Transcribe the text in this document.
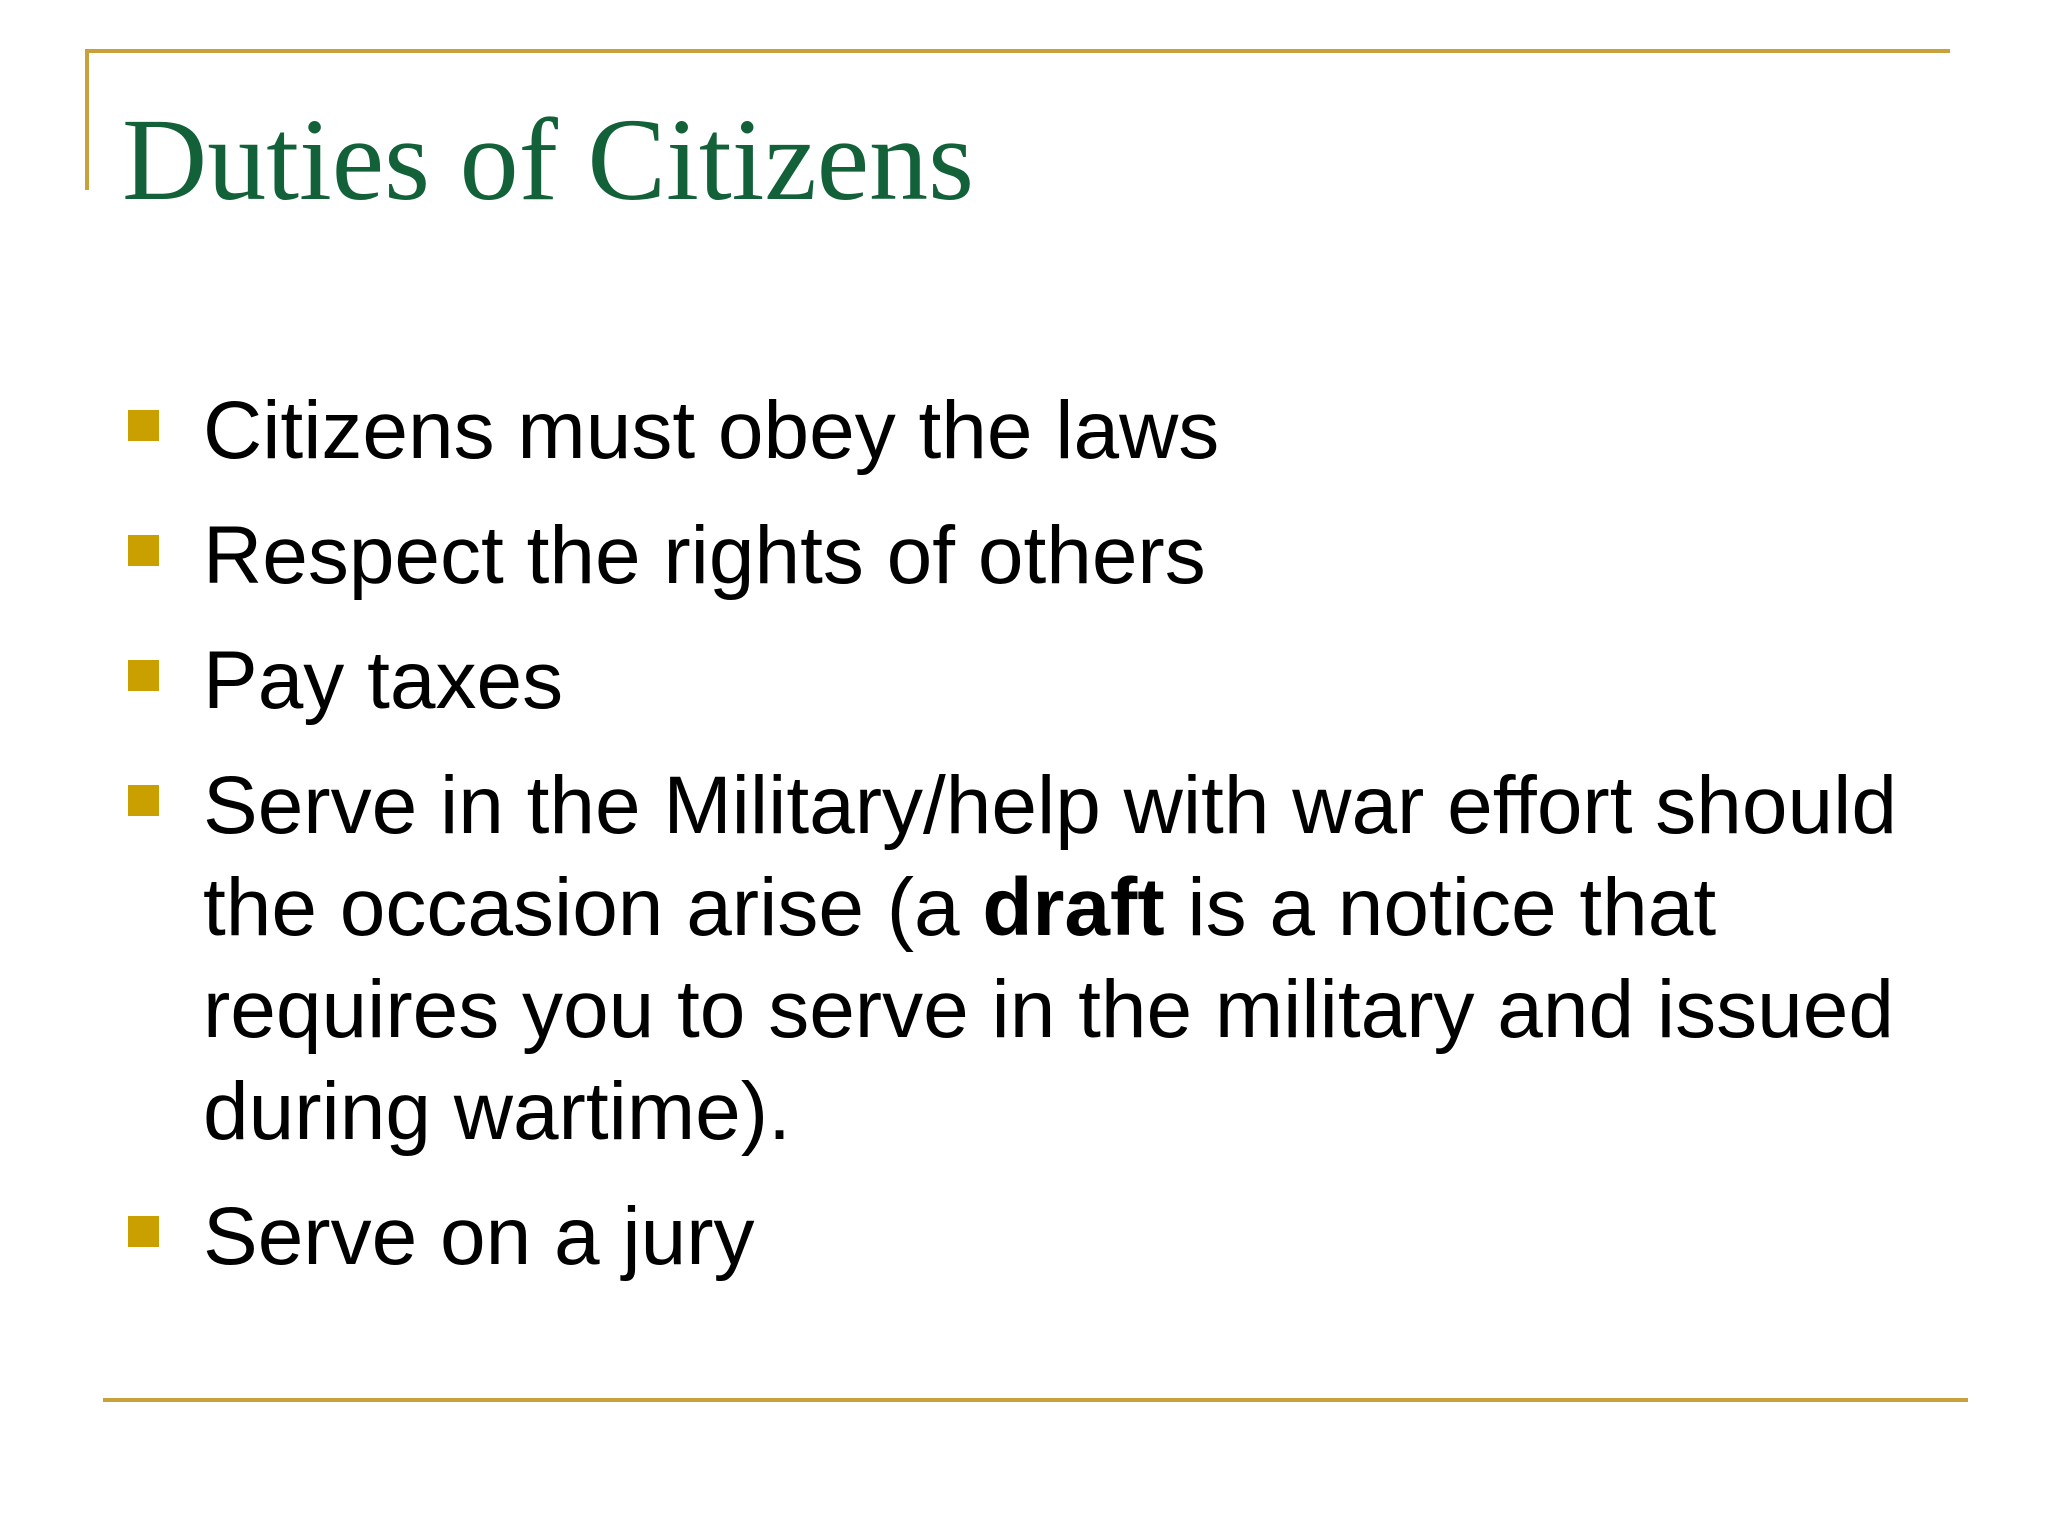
Duties of Citizens
Citizens must obey the laws
Respect the rights of others
Pay taxes
Serve in the Military/help with war effort should the occasion arise (a draft is a notice that requires you to serve in the military and issued during wartime).
Serve on a jury
